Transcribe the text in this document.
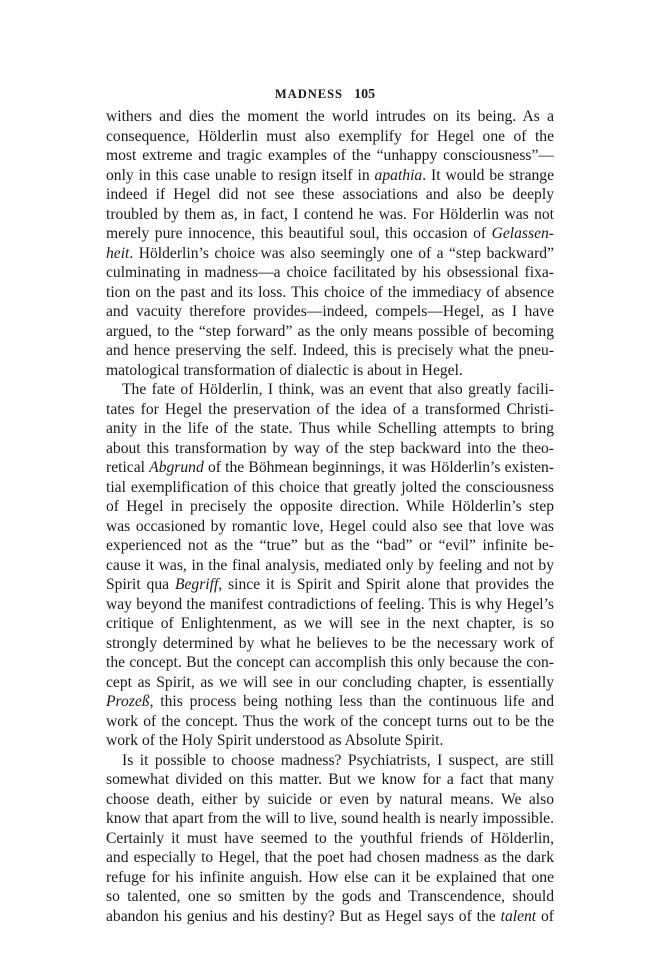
MADNESS 105
withers and dies the moment the world intrudes on its being. As a
consequence, Hölderlin must also exemplify for Hegel one of the
most extreme and tragic examples of the “unhappy consciousness”—
only in this case unable to resign itself in apathia. It would be strange
indeed if Hegel did not see these associations and also be deeply
troubled by them as, in fact, I contend he was. For Hölderlin was not
merely pure innocence, this beautiful soul, this occasion of Gelassen-
heit. Hölderlin’s choice was also seemingly one of a “step backward”
culminating in madness—a choice facilitated by his obsessional fixa-
tion on the past and its loss. This choice of the immediacy of absence
and vacuity therefore provides—indeed, compels—Hegel, as I have
argued, to the “step forward” as the only means possible of becoming
and hence preserving the self. Indeed, this is precisely what the pneu-
matological transformation of dialectic is about in Hegel.
The fate of Hölderlin, I think, was an event that also greatly facili-
tates for Hegel the preservation of the idea of a transformed Christi-
anity in the life of the state. Thus while Schelling attempts to bring
about this transformation by way of the step backward into the theo-
retical Abgrund of the Böhmean beginnings, it was Hölderlin’s existen-
tial exemplification of this choice that greatly jolted the consciousness
of Hegel in precisely the opposite direction. While Hölderlin’s step
was occasioned by romantic love, Hegel could also see that love was
experienced not as the “true” but as the “bad” or “evil” infinite be-
cause it was, in the final analysis, mediated only by feeling and not by
Spirit qua Begriff, since it is Spirit and Spirit alone that provides the
way beyond the manifest contradictions of feeling. This is why Hegel’s
critique of Enlightenment, as we will see in the next chapter, is so
strongly determined by what he believes to be the necessary work of
the concept. But the concept can accomplish this only because the con-
cept as Spirit, as we will see in our concluding chapter, is essentially
Prozeß, this process being nothing less than the continuous life and
work of the concept. Thus the work of the concept turns out to be the
work of the Holy Spirit understood as Absolute Spirit.
Is it possible to choose madness? Psychiatrists, I suspect, are still
somewhat divided on this matter. But we know for a fact that many
choose death, either by suicide or even by natural means. We also
know that apart from the will to live, sound health is nearly impossible.
Certainly it must have seemed to the youthful friends of Hölderlin,
and especially to Hegel, that the poet had chosen madness as the dark
refuge for his infinite anguish. How else can it be explained that one
so talented, one so smitten by the gods and Transcendence, should
abandon his genius and his destiny? But as Hegel says of the talent of
